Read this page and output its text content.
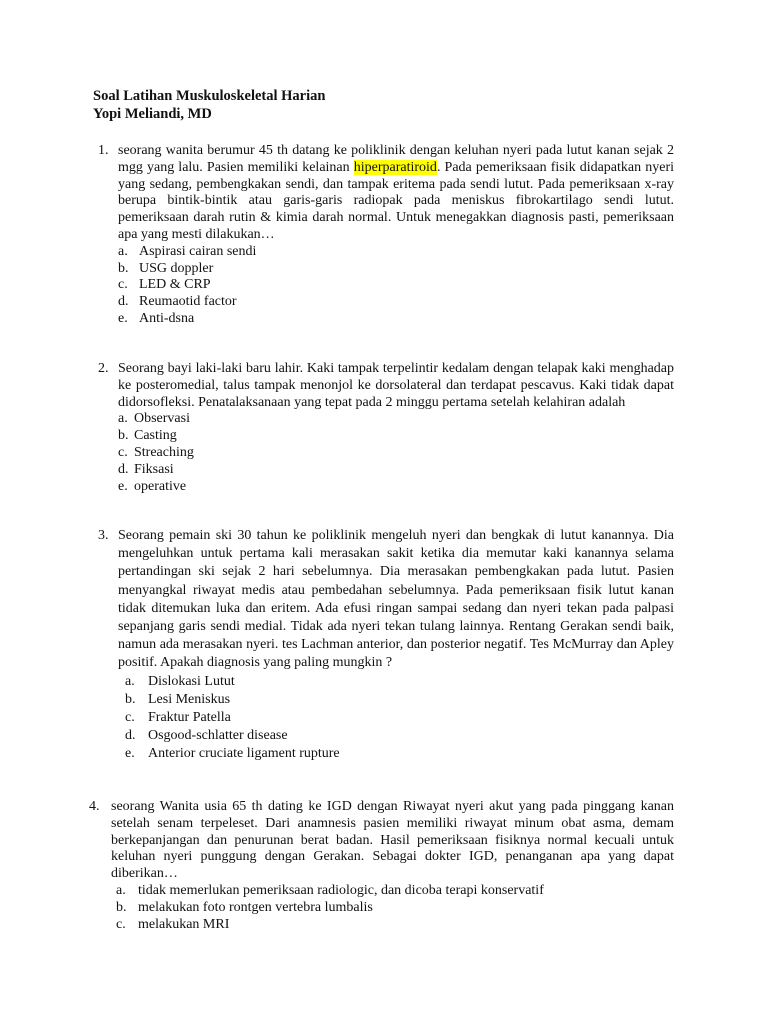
Soal Latihan Muskuloskeletal Harian
Yopi Meliandi, MD
1. seorang wanita berumur 45 th datang ke poliklinik dengan keluhan nyeri pada lutut kanan sejak 2 mgg yang lalu. Pasien memiliki kelainan hiperparatiroid. Pada pemeriksaan fisik didapatkan nyeri yang sedang, pembengkakan sendi, dan tampak eritema pada sendi lutut. Pada pemeriksaan x-ray berupa bintik-bintik atau garis-garis radiopak pada meniskus fibrokartilago sendi lutut. pemeriksaan darah rutin & kimia darah normal. Untuk menegakkan diagnosis pasti, pemeriksaan apa yang mesti dilakukan…

a. Aspirasi cairan sendi
b. USG doppler
c. LED & CRP
d. Reumaotid factor
e. Anti-dsna
2. Seorang bayi laki-laki baru lahir. Kaki tampak terpelintir kedalam dengan telapak kaki menghadap ke posteromedial, talus tampak menonjol ke dorsolateral dan terdapat pescavus. Kaki tidak dapat didorsofleksi. Penatalaksanaan yang tepat pada 2 minggu pertama setelah kelahiran adalah

a. Observasi
b. Casting
c. Streaching
d. Fiksasi
e. operative
3. Seorang pemain ski 30 tahun ke poliklinik mengeluh nyeri dan bengkak di lutut kanannya. Dia mengeluhkan untuk pertama kali merasakan sakit ketika dia memutar kaki kanannya selama pertandingan ski sejak 2 hari sebelumnya. Dia merasakan pembengkakan pada lutut. Pasien menyangkal riwayat medis atau pembedahan sebelumnya. Pada pemeriksaan fisik lutut kanan tidak ditemukan luka dan eritem. Ada efusi ringan sampai sedang dan nyeri tekan pada palpasi sepanjang garis sendi medial. Tidak ada nyeri tekan tulang lainnya. Rentang Gerakan sendi baik, namun ada merasakan nyeri. tes Lachman anterior, dan posterior negatif. Tes McMurray dan Apley positif. Apakah diagnosis yang paling mungkin ?

a. Dislokasi Lutut
b. Lesi Meniskus
c. Fraktur Patella
d. Osgood-schlatter disease
e. Anterior cruciate ligament rupture
4. seorang Wanita usia 65 th dating ke IGD dengan Riwayat nyeri akut yang pada pinggang kanan setelah senam terpeleset. Dari anamnesis pasien memiliki riwayat minum obat asma, demam berkepanjangan dan penurunan berat badan. Hasil pemeriksaan fisiknya normal kecuali untuk keluhan nyeri punggung dengan Gerakan. Sebagai dokter IGD, penanganan apa yang dapat diberikan…

a. tidak memerlukan pemeriksaan radiologic, dan dicoba terapi konservatif
b. melakukan foto rontgen vertebra lumbalis
c. melakukan MRI
